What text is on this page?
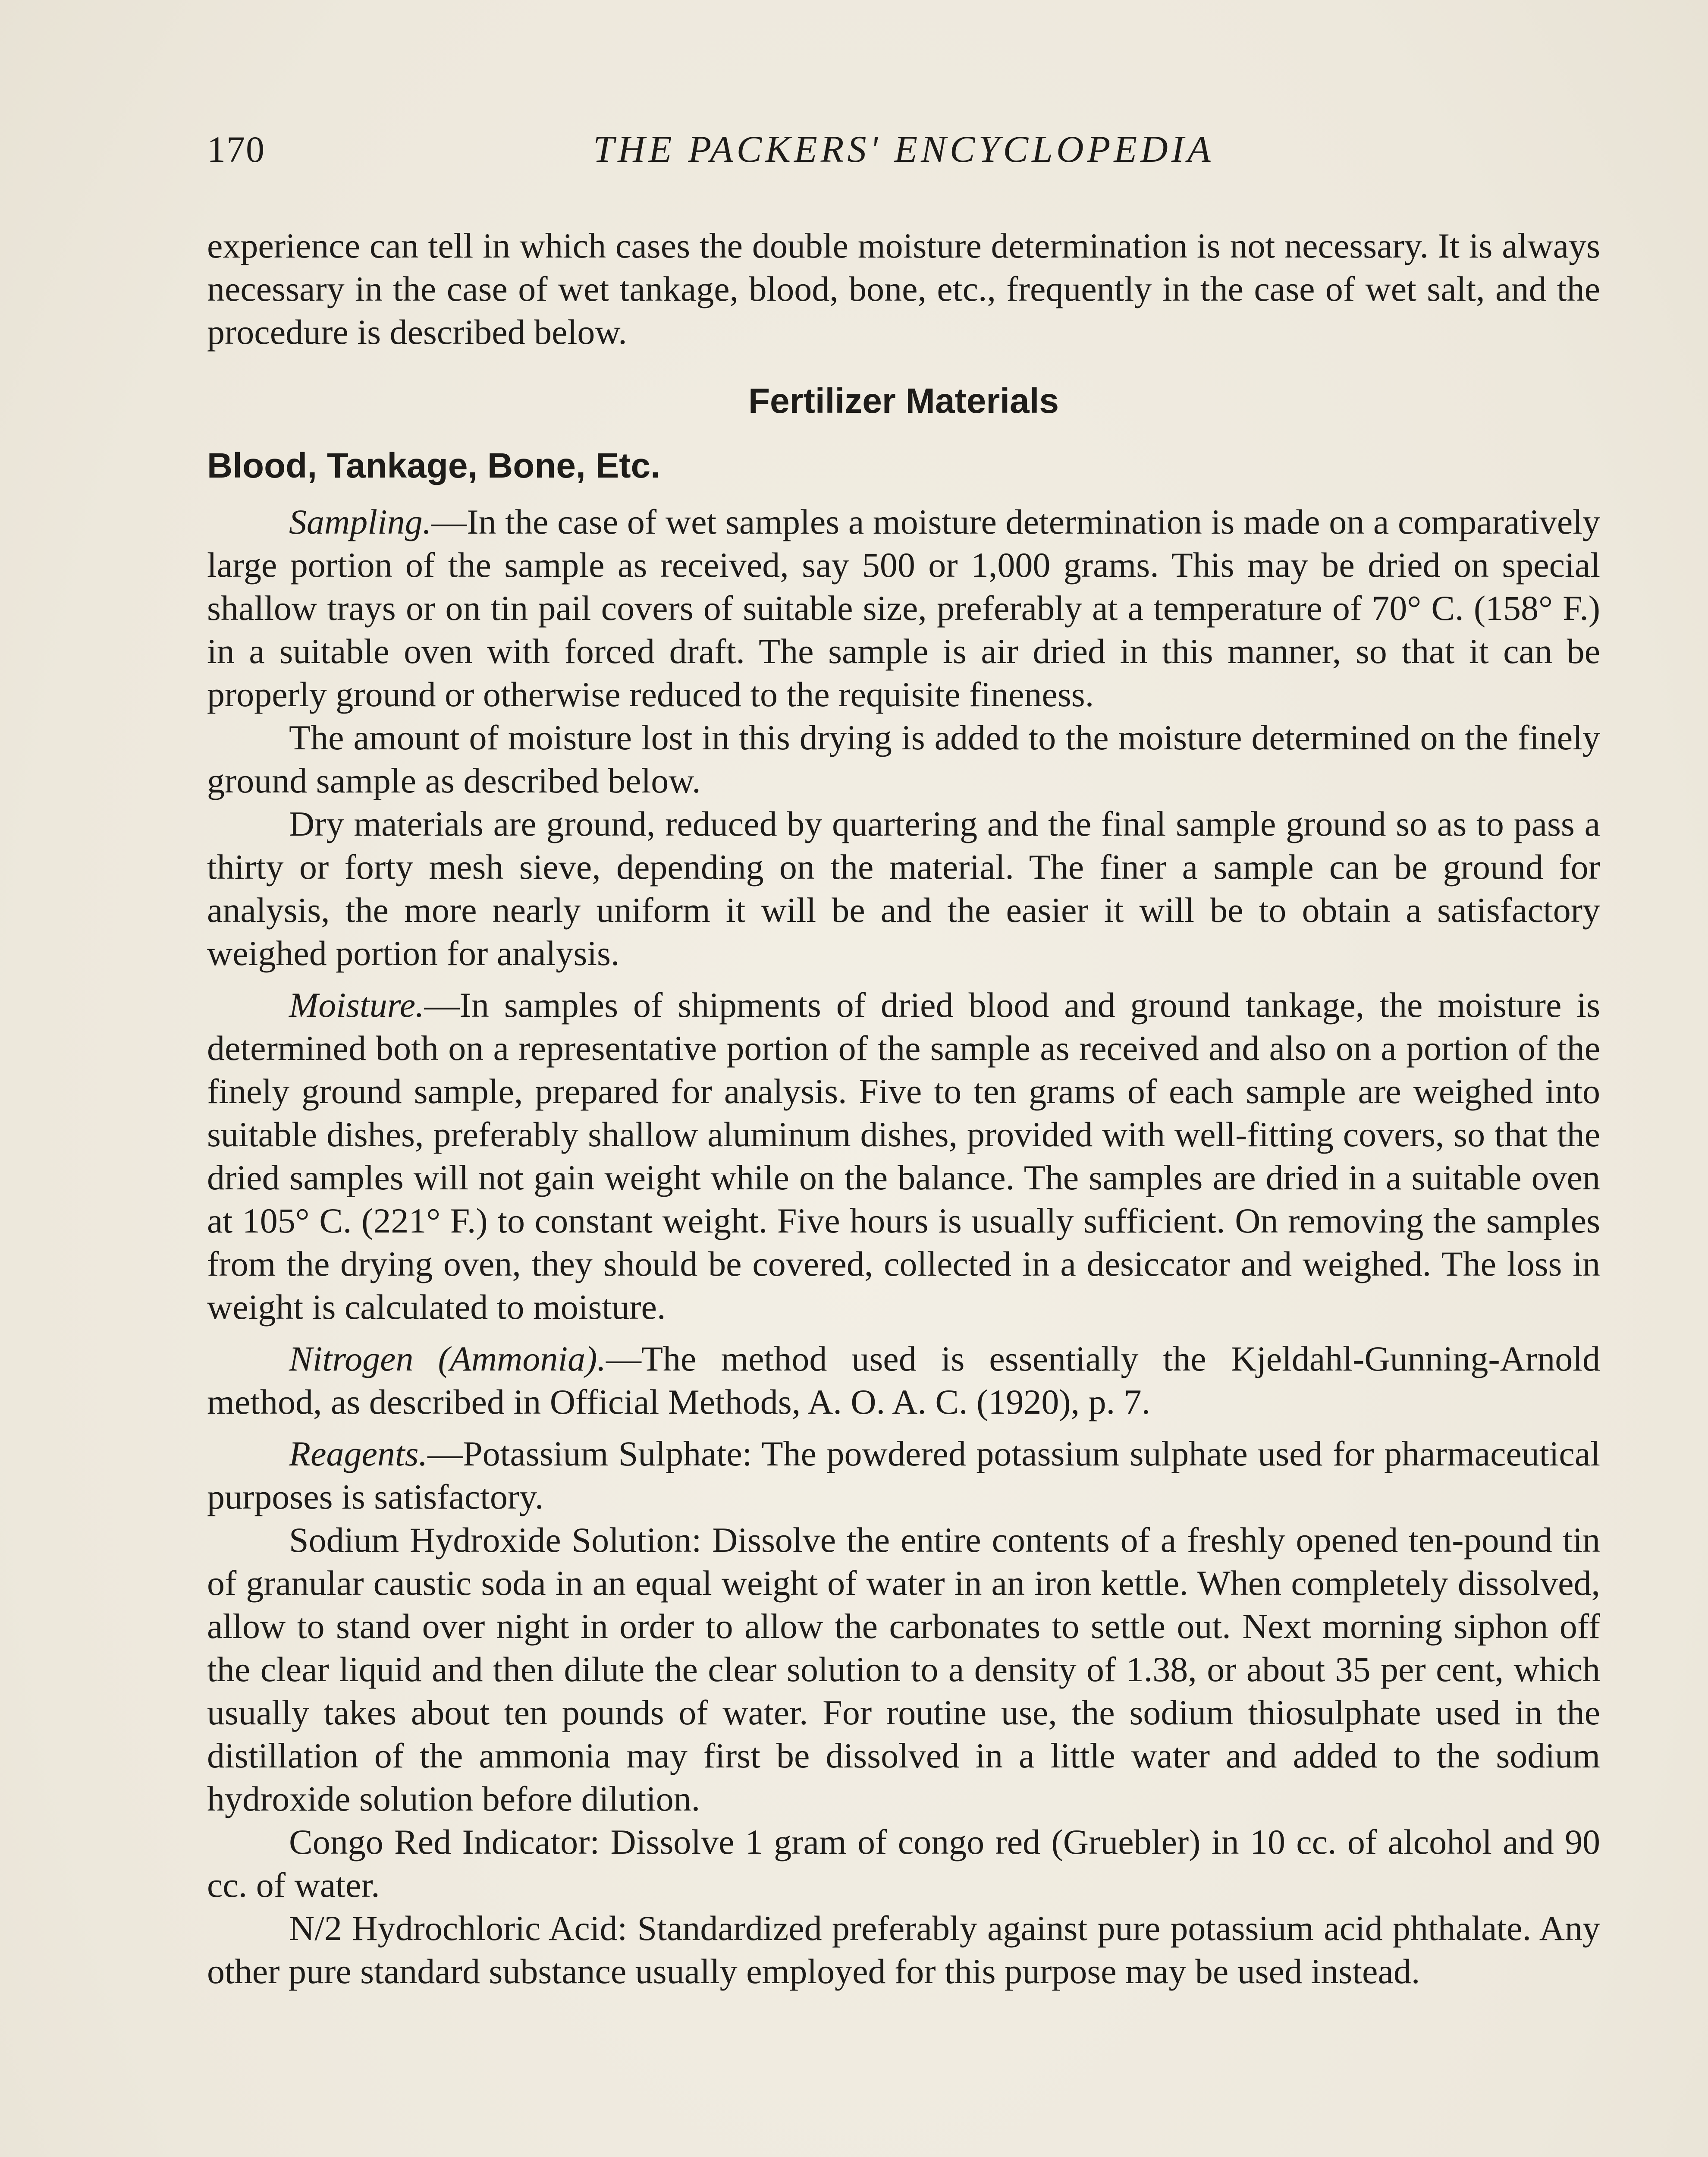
170	THE PACKERS' ENCYCLOPEDIA

experience can tell in which cases the double moisture determination is not necessary. It is always necessary in the case of wet tankage, blood, bone, etc., frequently in the case of wet salt, and the procedure is described below.

Fertilizer Materials
Blood, Tankage, Bone, Etc.

Sampling.—In the case of wet samples a moisture determination is made on a comparatively large portion of the sample as received, say 500 or 1,000 grams. This may be dried on special shallow trays or on tin pail covers of suitable size, preferably at a temperature of 70° C. (158° F.) in a suitable oven with forced draft. The sample is air dried in this manner, so that it can be properly ground or otherwise reduced to the requisite fineness.

The amount of moisture lost in this drying is added to the moisture determined on the finely ground sample as described below.

Dry materials are ground, reduced by quartering and the final sample ground so as to pass a thirty or forty mesh sieve, depending on the material. The finer a sample can be ground for analysis, the more nearly uniform it will be and the easier it will be to obtain a satisfactory weighed portion for analysis.

Moisture.—In samples of shipments of dried blood and ground tankage, the moisture is determined both on a representative portion of the sample as received and also on a portion of the finely ground sample, prepared for analysis. Five to ten grams of each sample are weighed into suitable dishes, preferably shallow aluminum dishes, provided with well-fitting covers, so that the dried samples will not gain weight while on the balance. The samples are dried in a suitable oven at 105° C. (221° F.) to constant weight. Five hours is usually sufficient. On removing the samples from the drying oven, they should be covered, collected in a desiccator and weighed. The loss in weight is calculated to moisture.

Nitrogen (Ammonia).—The method used is essentially the Kjeldahl-Gunning-Arnold method, as described in Official Methods, A. O. A. C. (1920), p. 7.

Reagents.—Potassium Sulphate: The powdered potassium sulphate used for pharmaceutical purposes is satisfactory.

Sodium Hydroxide Solution: Dissolve the entire contents of a freshly opened ten-pound tin of granular caustic soda in an equal weight of water in an iron kettle. When completely dissolved, allow to stand over night in order to allow the carbonates to settle out. Next morning siphon off the clear liquid and then dilute the clear solution to a density of 1.38, or about 35 per cent, which usually takes about ten pounds of water. For routine use, the sodium thiosulphate used in the distillation of the ammonia may first be dissolved in a little water and added to the sodium hydroxide solution before dilution.

Congo Red Indicator: Dissolve 1 gram of congo red (Gruebler) in 10 cc. of alcohol and 90 cc. of water.

N/2 Hydrochloric Acid: Standardized preferably against pure potassium acid phthalate. Any other pure standard substance usually employed for this purpose may be used instead.
